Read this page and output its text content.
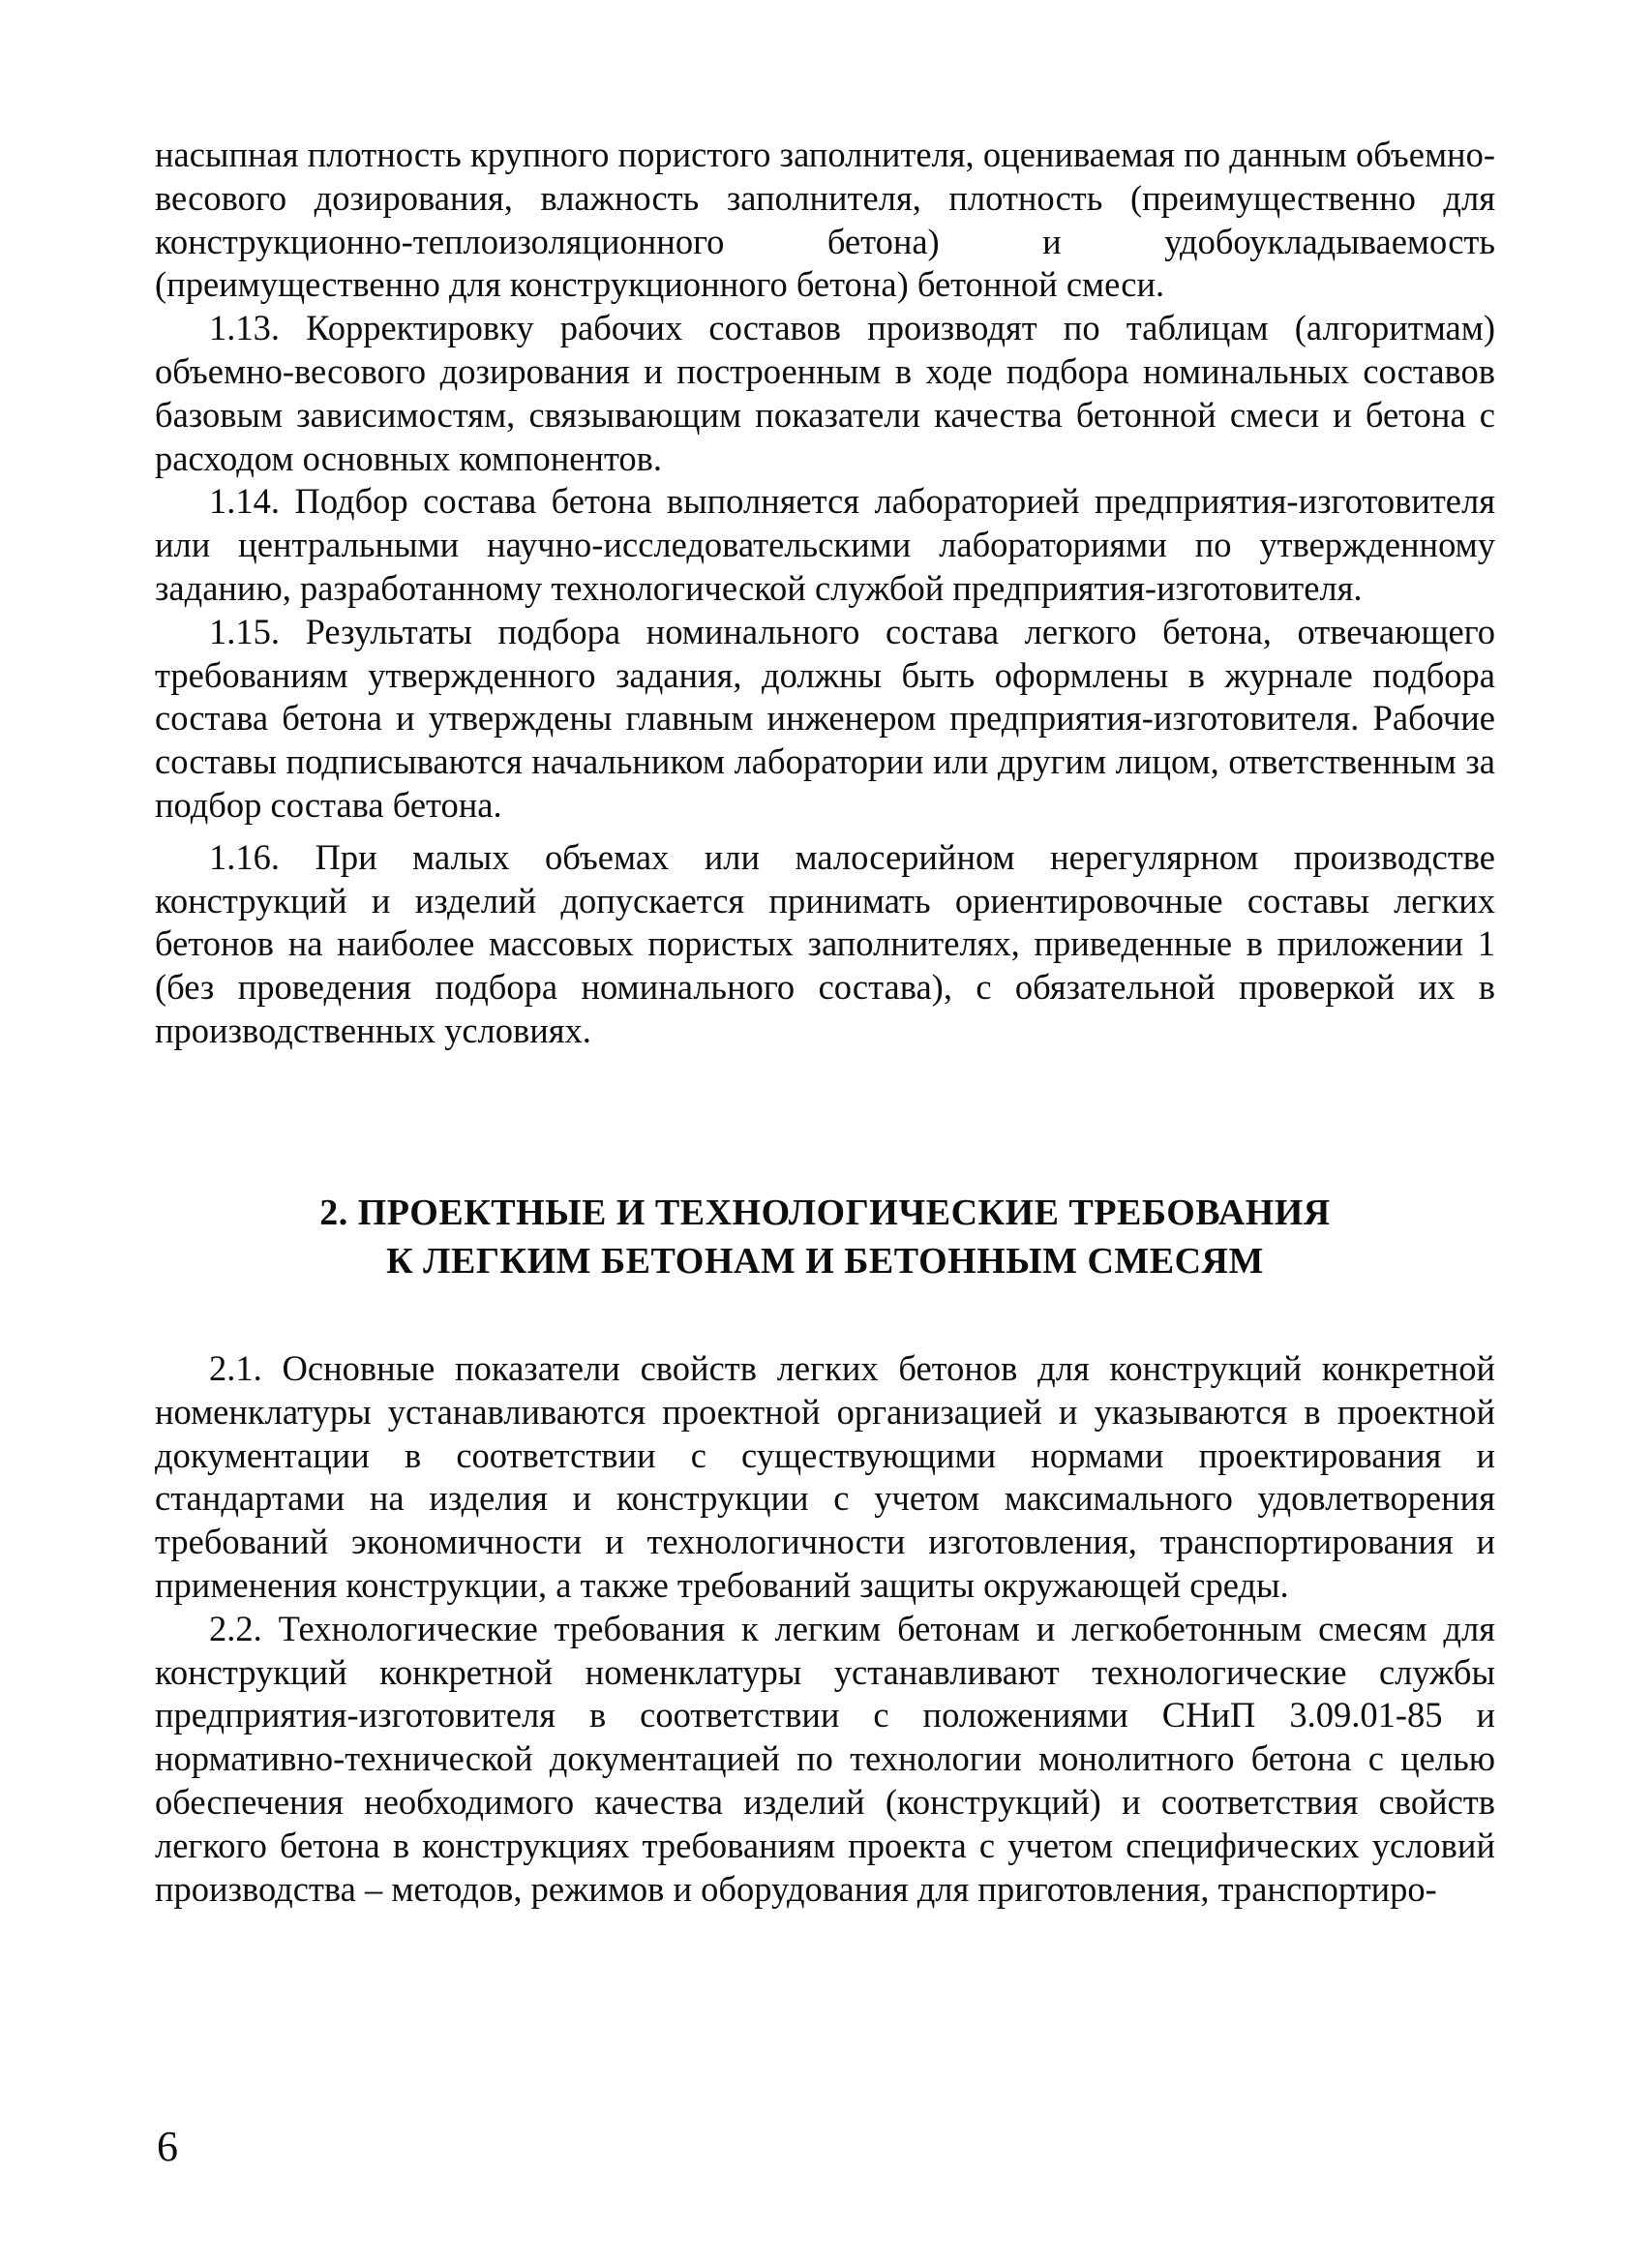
насыпная плотность крупного пористого заполнителя, оцениваемая по данным объемно-весового дозирования, влажность заполнителя, плотность (преимущественно для конструкционно-теплоизоляционного бетона) и удобоукладываемость (преимущественно для конструкционного бетона) бетонной смеси.

1.13. Корректировку рабочих составов производят по таблицам (алгоритмам) объемно-весового дозирования и построенным в ходе подбора номинальных составов базовым зависимостям, связывающим показатели качества бетонной смеси и бетона с расходом основных компонентов.

1.14. Подбор состава бетона выполняется лабораторией предприятия-изготовителя или центральными научно-исследовательскими лабораториями по утвержденному заданию, разработанному технологической службой предприятия-изготовителя.

1.15. Результаты подбора номинального состава легкого бетона, отвечающего требованиям утвержденного задания, должны быть оформлены в журнале подбора состава бетона и утверждены главным инженером предприятия-изготовителя. Рабочие составы подписываются начальником лаборатории или другим лицом, ответственным за подбор состава бетона.

1.16. При малых объемах или малосерийном нерегулярном производстве конструкций и изделий допускается принимать ориентировочные составы легких бетонов на наиболее массовых пористых заполнителях, приведенные в приложении 1 (без проведения подбора номинального состава), с обязательной проверкой их в производственных условиях.

2. ПРОЕКТНЫЕ И ТЕХНОЛОГИЧЕСКИЕ ТРЕБОВАНИЯ
К ЛЕГКИМ БЕТОНАМ И БЕТОННЫМ СМЕСЯМ

2.1. Основные показатели свойств легких бетонов для конструкций конкретной номенклатуры устанавливаются проектной организацией и указываются в проектной документации в соответствии с существующими нормами проектирования и стандартами на изделия и конструкции с учетом максимального удовлетворения требований экономичности и технологичности изготовления, транспортирования и применения конструкции, а также требований защиты окружающей среды.

2.2. Технологические требования к легким бетонам и легкобетонным смесям для конструкций конкретной номенклатуры устанавливают технологические службы предприятия-изготовителя в соответствии с положениями СНиП 3.09.01-85 и нормативно-технической документацией по технологии монолитного бетона с целью обеспечения необходимого качества изделий (конструкций) и соответствия свойств легкого бетона в конструкциях требованиям проекта с учетом специфических условий производства – методов, режимов и оборудования для приготовления, транспортиро-

6
